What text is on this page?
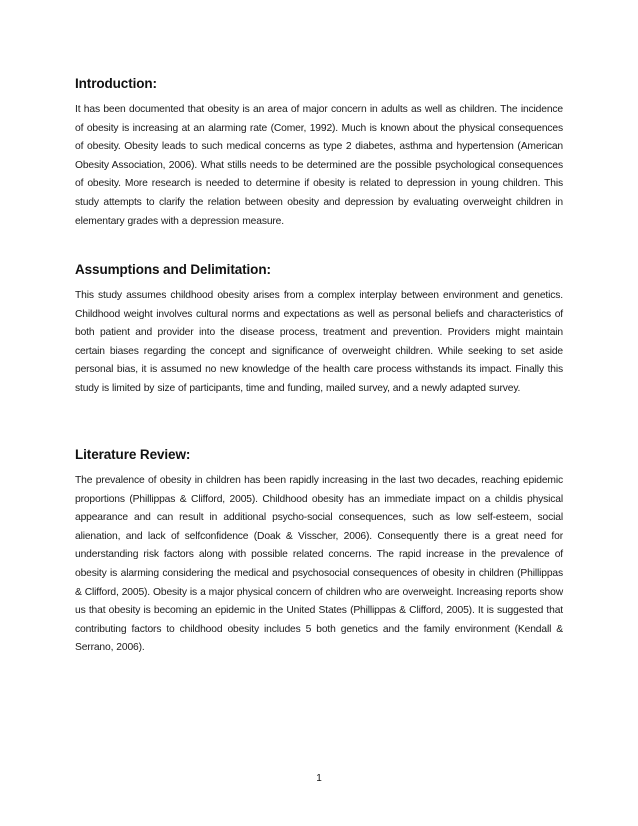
Introduction:

It has been documented that obesity is an area of major concern in adults as well as children. The incidence of obesity is increasing at an alarming rate (Comer, 1992). Much is known about the physical consequences of obesity. Obesity leads to such medical concerns as type 2 diabetes, asthma and hypertension (American Obesity Association, 2006). What stills needs to be determined are the possible psychological consequences of obesity. More research is needed to determine if obesity is related to depression in young children. This study attempts to clarify the relation between obesity and depression by evaluating overweight children in elementary grades with a depression measure.

Assumptions and Delimitation:

This study assumes childhood obesity arises from a complex interplay between environment and genetics. Childhood weight involves cultural norms and expectations as well as personal beliefs and characteristics of both patient and provider into the disease process, treatment and prevention. Providers might maintain certain biases regarding the concept and significance of overweight children. While seeking to set aside personal bias, it is assumed no new knowledge of the health care process withstands its impact. Finally this study is limited by size of participants, time and funding, mailed survey, and a newly adapted survey.

Literature Review:

The prevalence of obesity in children has been rapidly increasing in the last two decades, reaching epidemic proportions (Phillippas & Clifford, 2005). Childhood obesity has an immediate impact on a childis physical appearance and can result in additional psycho-social consequences, such as low self-esteem, social alienation, and lack of selfconfidence (Doak & Visscher, 2006). Consequently there is a great need for understanding risk factors along with possible related concerns. The rapid increase in the prevalence of obesity is alarming considering the medical and psychosocial consequences of obesity in children (Phillippas & Clifford, 2005). Obesity is a major physical concern of children who are overweight. Increasing reports show us that obesity is becoming an epidemic in the United States (Phillippas & Clifford, 2005). It is suggested that contributing factors to childhood obesity includes 5 both genetics and the family environment (Kendall & Serrano, 2006).

1
